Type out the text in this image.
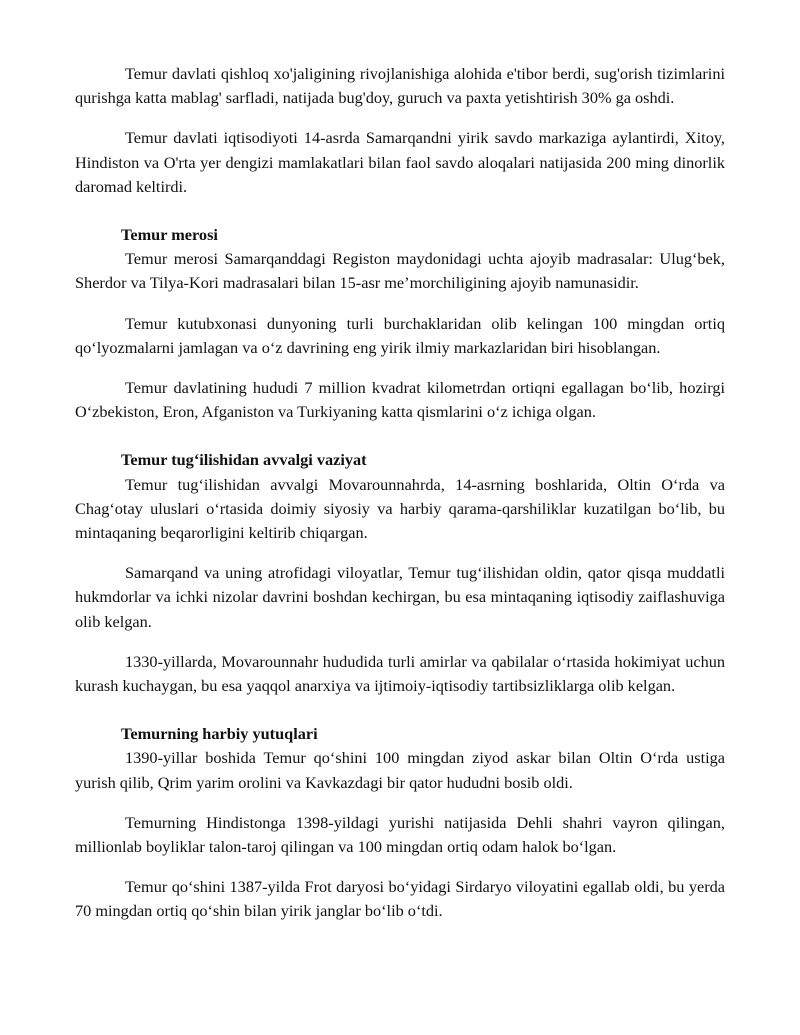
Temur davlati qishloq xo'jaligining rivojlanishiga alohida e'tibor berdi, sug'orish tizimlarini qurishga katta mablag' sarfladi, natijada bug'doy, guruch va paxta yetishtirish 30% ga oshdi.

Temur davlati iqtisodiyoti 14-asrda Samarqandni yirik savdo markaziga aylantirdi, Xitoy, Hindiston va O'rta yer dengizi mamlakatlari bilan faol savdo aloqalari natijasida 200 ming dinorlik daromad keltirdi.

Temur merosi

Temur merosi Samarqanddagi Registon maydonidagi uchta ajoyib madrasalar: Ulug‘bek, Sherdor va Tilya-Kori madrasalari bilan 15-asr me’morchiligining ajoyib namunasidir.

Temur kutubxonasi dunyoning turli burchaklaridan olib kelingan 100 mingdan ortiq qo‘lyozmalarni jamlagan va o‘z davrining eng yirik ilmiy markazlaridan biri hisoblangan.

Temur davlatining hududi 7 million kvadrat kilometrdan ortiqni egallagan bo‘lib, hozirgi O‘zbekiston, Eron, Afganiston va Turkiyaning katta qismlarini o‘z ichiga olgan.

Temur tug‘ilishidan avvalgi vaziyat

Temur tug‘ilishidan avvalgi Movarounnahrda, 14-asrning boshlarida, Oltin O‘rda va Chag‘otay uluslari o‘rtasida doimiy siyosiy va harbiy qarama-qarshiliklar kuzatilgan bo‘lib, bu mintaqaning beqarorligini keltirib chiqargan.

Samarqand va uning atrofidagi viloyatlar, Temur tug‘ilishidan oldin, qator qisqa muddatli hukmdorlar va ichki nizolar davrini boshdan kechirgan, bu esa mintaqaning iqtisodiy zaiflashuviga olib kelgan.

1330-yillarda, Movarounnahr hududida turli amirlar va qabilalar o‘rtasida hokimiyat uchun kurash kuchaygan, bu esa yaqqol anarxiya va ijtimoiy-iqtisodiy tartibsizliklarga olib kelgan.

Temurning harbiy yutuqlari

1390-yillar boshida Temur qo‘shini 100 mingdan ziyod askar bilan Oltin O‘rda ustiga yurish qilib, Qrim yarim orolini va Kavkazdagi bir qator hududni bosib oldi.

Temurning Hindistonga 1398-yildagi yurishi natijasida Dehli shahri vayron qilingan, millionlab boyliklar talon-taroj qilingan va 100 mingdan ortiq odam halok bo‘lgan.

Temur qo‘shini 1387-yilda Frot daryosi bo‘yidagi Sirdaryo viloyatini egallab oldi, bu yerda 70 mingdan ortiq qo‘shin bilan yirik janglar bo‘lib o‘tdi.
